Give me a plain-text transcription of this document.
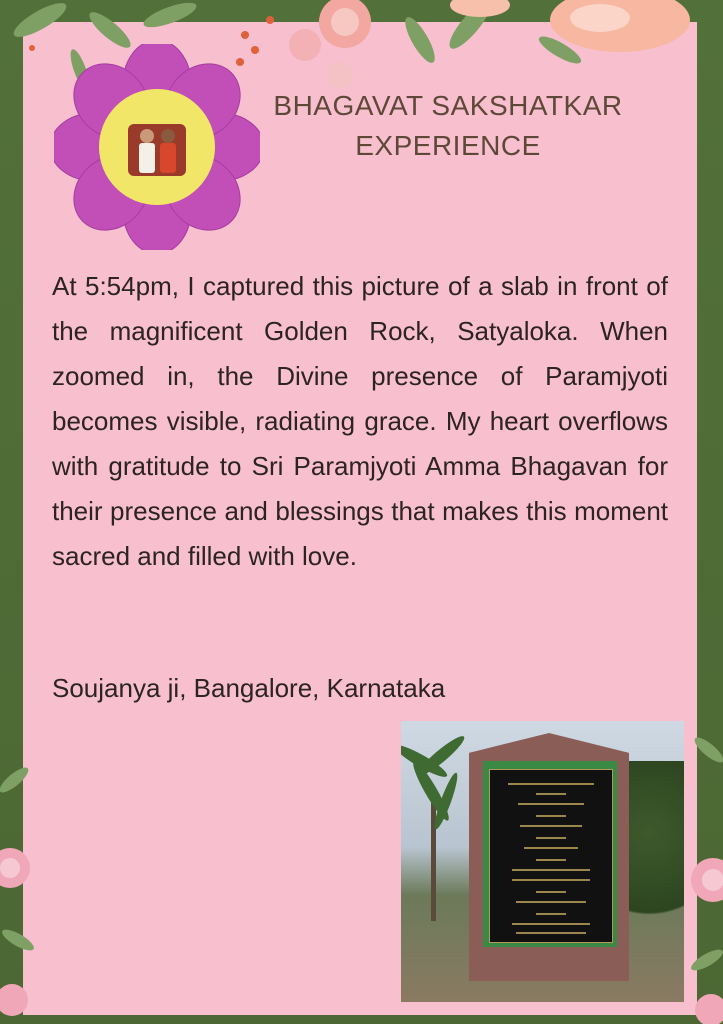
BHAGAVAT SAKSHATKAR
EXPERIENCE

At 5:54pm, I captured this picture of a slab in front of the magnificent Golden Rock, Satyaloka. When zoomed in, the Divine presence of Paramjyoti becomes visible, radiating grace. My heart overflows with gratitude to Sri Paramjyoti Amma Bhagavan for their presence and blessings that makes this moment sacred and filled with love.

Soujanya ji, Bangalore, Karnataka
